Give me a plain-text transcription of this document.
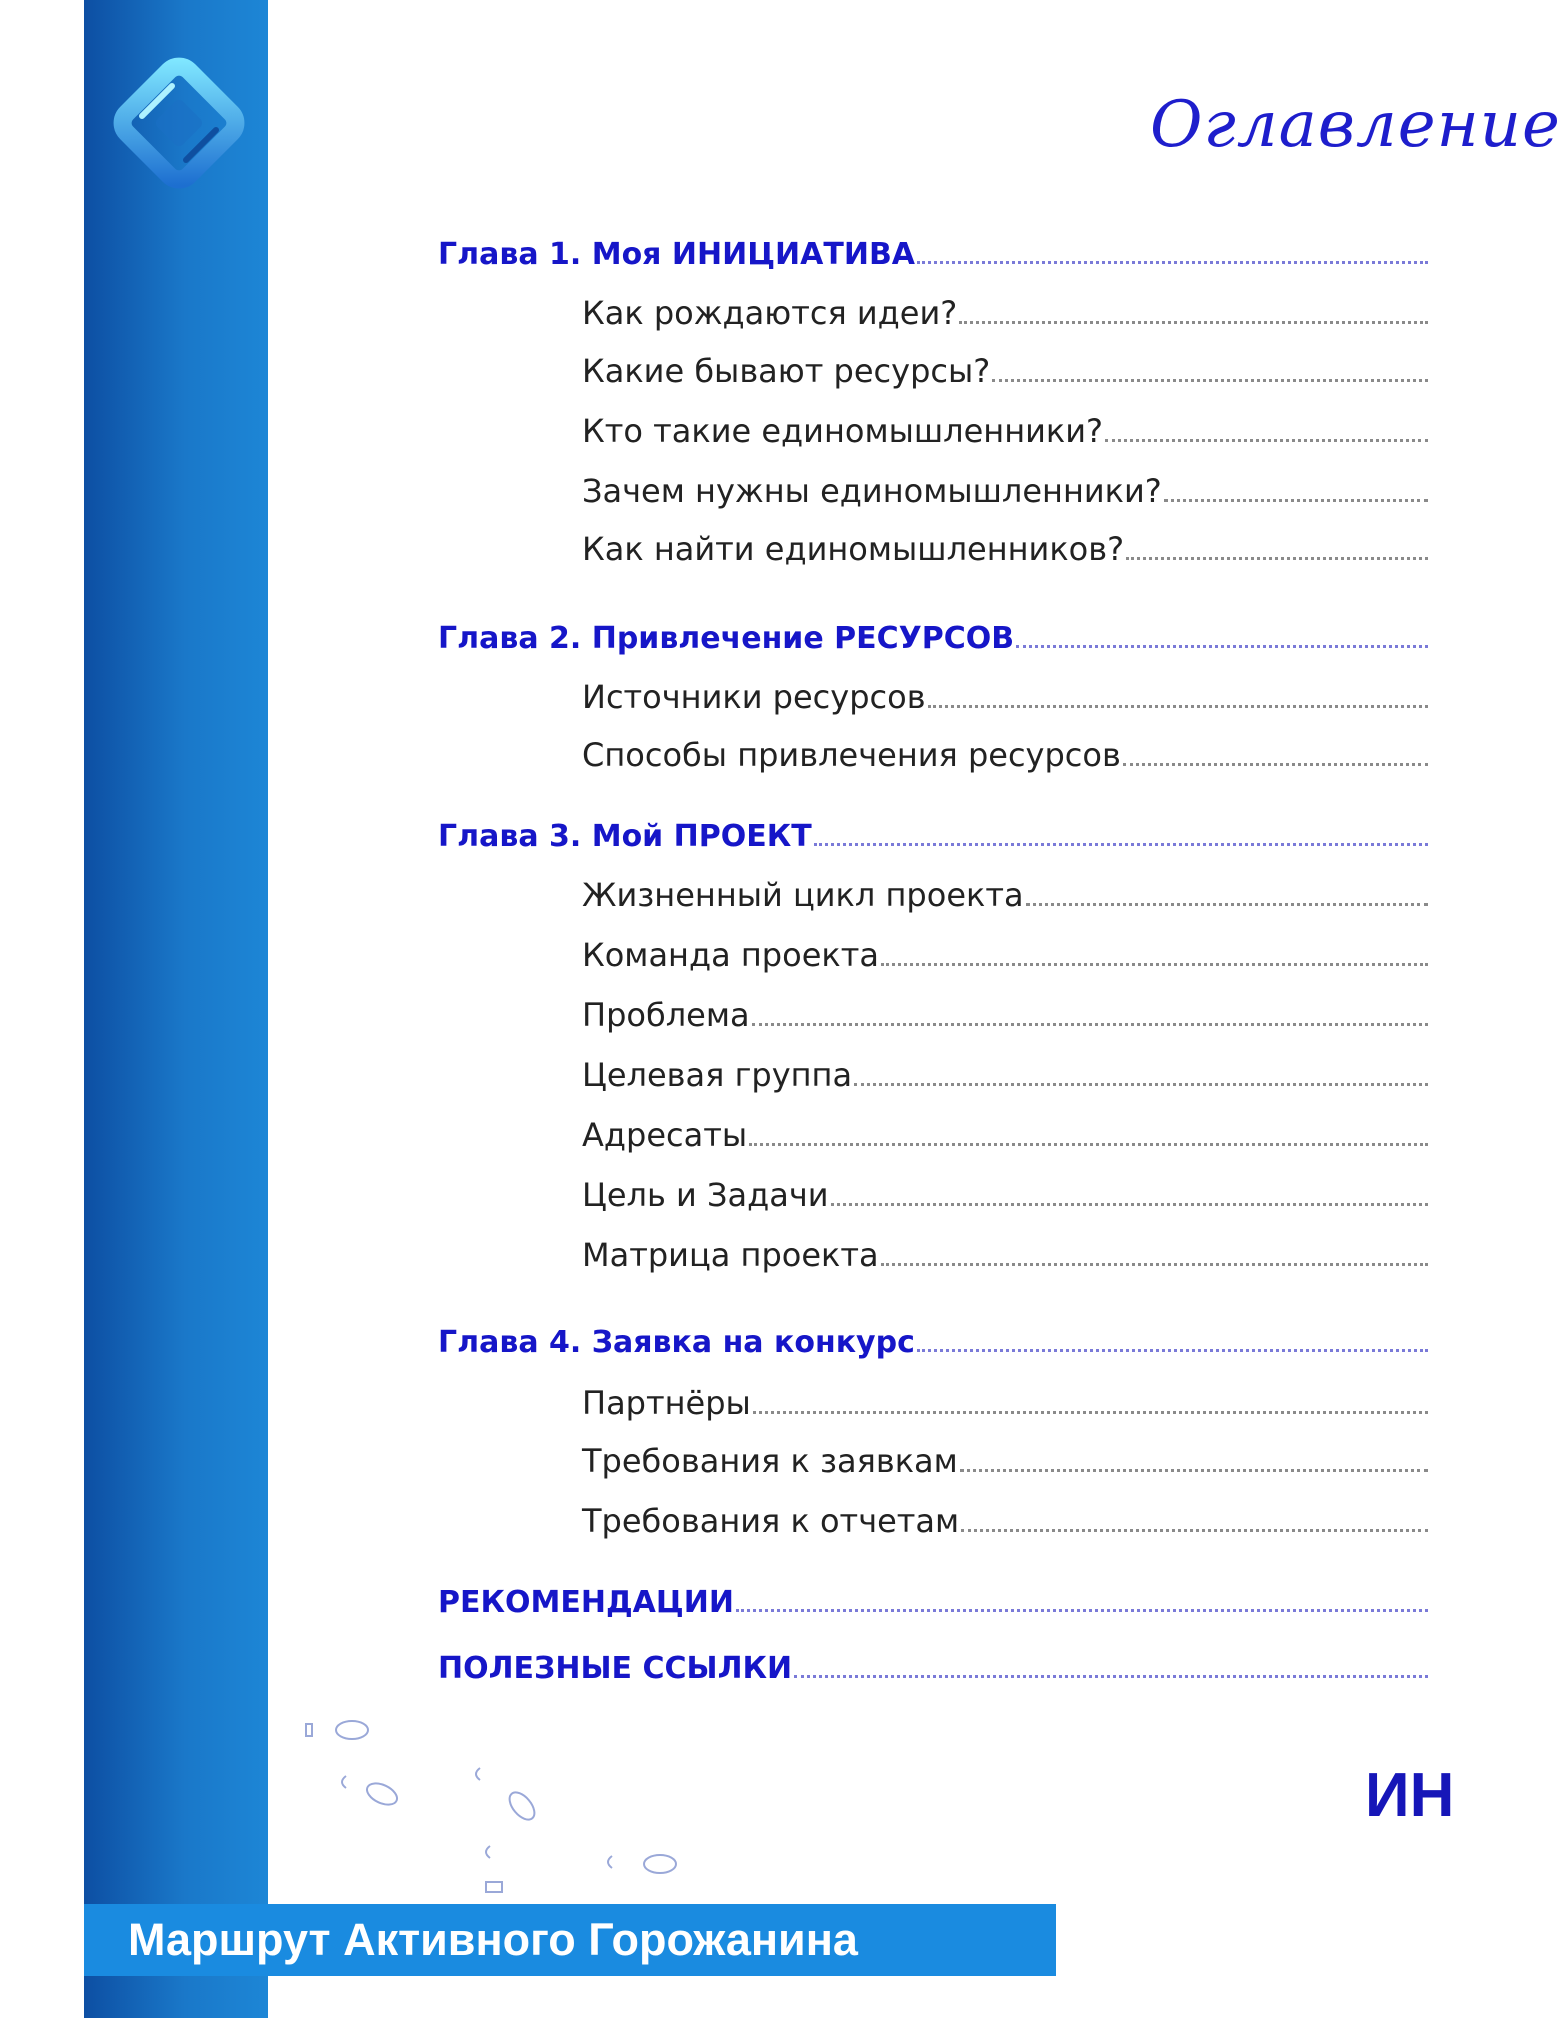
Оглавление
Глава 1. Моя ИНИЦИАТИВА
Как рождаются идеи?
Какие бывают ресурсы?
Кто такие единомышленники?
Зачем нужны единомышленники?
Как найти единомышленников?
Глава 2. Привлечение РЕСУРСОВ
Источники ресурсов
Способы привлечения ресурсов
Глава 3. Мой ПРОЕКТ
Жизненный цикл проекта
Команда проекта
Проблема
Целевая группа
Адресаты
Цель и Задачи
Матрица проекта
Глава 4. Заявка на конкурс
Партнёры
Требования к заявкам
Требования к отчетам
РЕКОМЕНДАЦИИ
ПОЛЕЗНЫЕ ССЫЛКИ
ИН
Маршрут Активного Горожанина
